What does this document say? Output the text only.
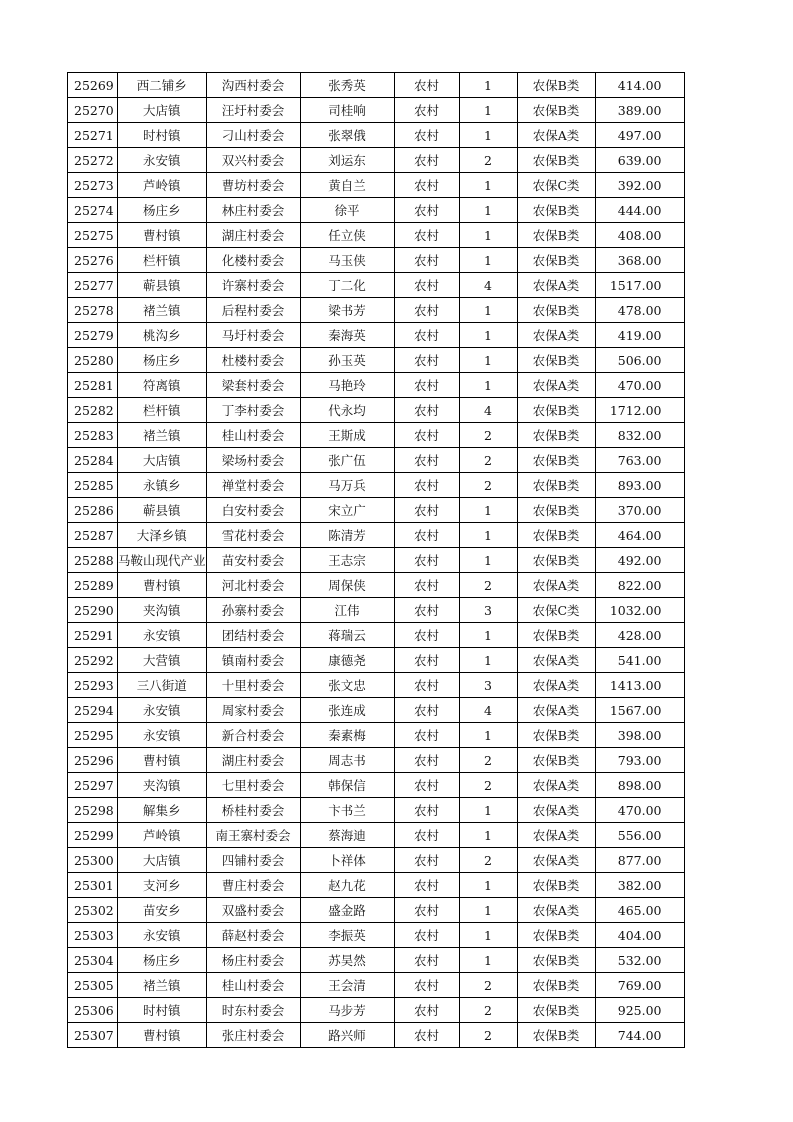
25269	西二铺乡	沟西村委会	张秀英	农村	1	农保B类	414.00
25270	大店镇	汪圩村委会	司桂响	农村	1	农保B类	389.00
25271	时村镇	刁山村委会	张翠俄	农村	1	农保A类	497.00
25272	永安镇	双兴村委会	刘运东	农村	2	农保B类	639.00
25273	芦岭镇	曹坊村委会	黄自兰	农村	1	农保C类	392.00
25274	杨庄乡	林庄村委会	徐平	农村	1	农保B类	444.00
25275	曹村镇	湖庄村委会	任立侠	农村	1	农保B类	408.00
25276	栏杆镇	化楼村委会	马玉侠	农村	1	农保B类	368.00
25277	蕲县镇	许寨村委会	丁二化	农村	4	农保A类	1517.00
25278	褚兰镇	后程村委会	梁书芳	农村	1	农保B类	478.00
25279	桃沟乡	马圩村委会	秦海英	农村	1	农保A类	419.00
25280	杨庄乡	杜楼村委会	孙玉英	农村	1	农保B类	506.00
25281	符离镇	梁套村委会	马艳玲	农村	1	农保A类	470.00
25282	栏杆镇	丁李村委会	代永均	农村	4	农保B类	1712.00
25283	褚兰镇	桂山村委会	王斯成	农村	2	农保B类	832.00
25284	大店镇	梁场村委会	张广伍	农村	2	农保B类	763.00
25285	永镇乡	禅堂村委会	马万兵	农村	2	农保B类	893.00
25286	蕲县镇	白安村委会	宋立广	农村	1	农保B类	370.00
25287	大泽乡镇	雪花村委会	陈清芳	农村	1	农保B类	464.00
25288	马鞍山现代产业	苗安村委会	王志宗	农村	1	农保B类	492.00
25289	曹村镇	河北村委会	周保侠	农村	2	农保A类	822.00
25290	夹沟镇	孙寨村委会	江伟	农村	3	农保C类	1032.00
25291	永安镇	团结村委会	蒋瑞云	农村	1	农保B类	428.00
25292	大营镇	镇南村委会	康德尧	农村	1	农保A类	541.00
25293	三八街道	十里村委会	张文忠	农村	3	农保A类	1413.00
25294	永安镇	周家村委会	张连成	农村	4	农保A类	1567.00
25295	永安镇	新合村委会	秦素梅	农村	1	农保B类	398.00
25296	曹村镇	湖庄村委会	周志书	农村	2	农保B类	793.00
25297	夹沟镇	七里村委会	韩保信	农村	2	农保A类	898.00
25298	解集乡	桥桂村委会	卞书兰	农村	1	农保A类	470.00
25299	芦岭镇	南王寨村委会	蔡海迪	农村	1	农保A类	556.00
25300	大店镇	四铺村委会	卜祥体	农村	2	农保A类	877.00
25301	支河乡	曹庄村委会	赵九花	农村	1	农保B类	382.00
25302	苗安乡	双盛村委会	盛金路	农村	1	农保A类	465.00
25303	永安镇	薛赵村委会	李振英	农村	1	农保B类	404.00
25304	杨庄乡	杨庄村委会	苏昊然	农村	1	农保B类	532.00
25305	褚兰镇	桂山村委会	王会清	农村	2	农保B类	769.00
25306	时村镇	时东村委会	马步芳	农村	2	农保B类	925.00
25307	曹村镇	张庄村委会	路兴师	农村	2	农保B类	744.00
